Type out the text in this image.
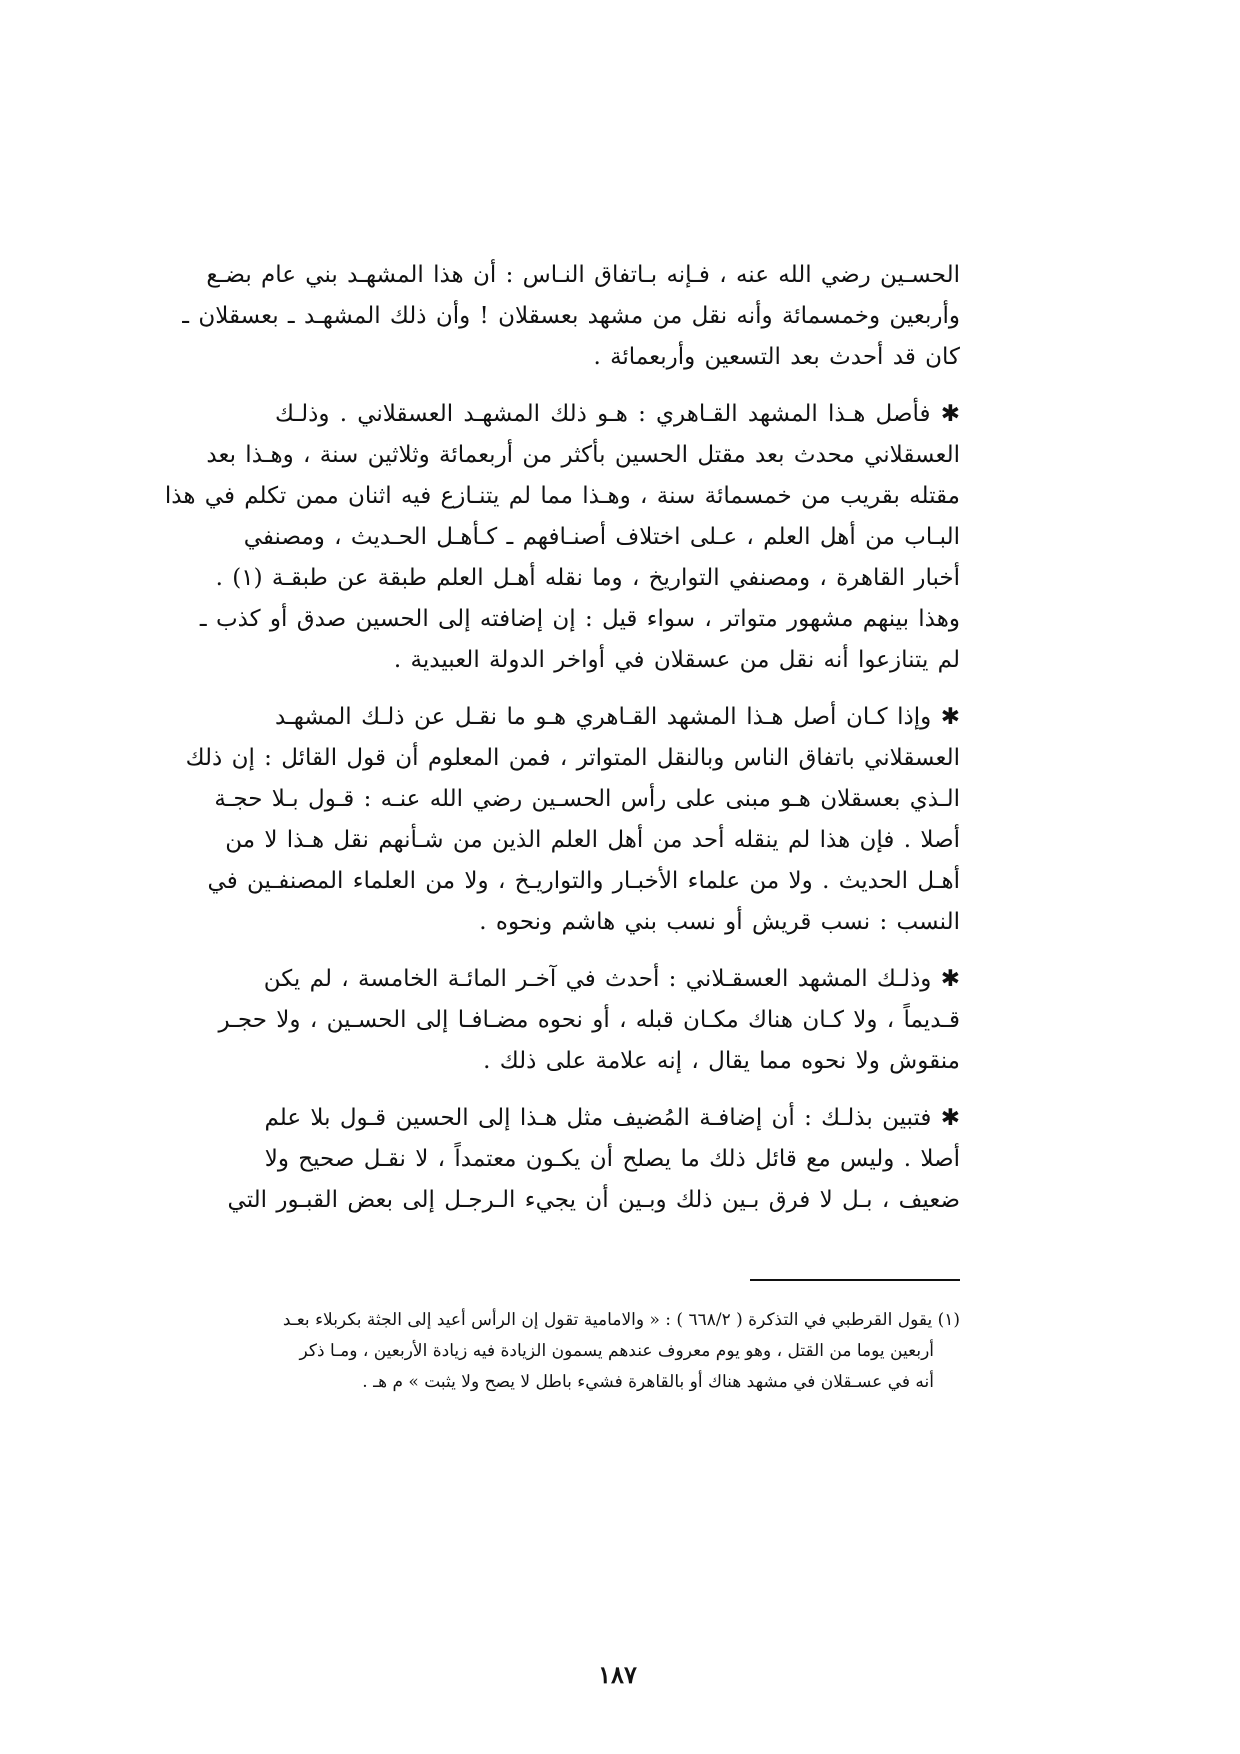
الحسـين رضي الله عنه ، فـإنه بـاتفاق النـاس : أن هذا المشهـد بني عام بضـع
وأربعين وخمسمائة وأنه نقل من مشهد بعسقلان ! وأن ذلك المشهـد ـ بعسقلان ـ
كان قد أحدث بعد التسعين وأربعمائة .
✱ فأصل هـذا المشهد القـاهري : هـو ذلك المشهـد العسقلاني . وذلـك
العسقلاني محدث بعد مقتل الحسين بأكثر من أربعمائة وثلاثين سنة ، وهـذا بعد
مقتله بقريب من خمسمائة سنة ، وهـذا مما لم يتنـازع فيه اثنان ممن تكلم في هذا
البـاب من أهل العلم ، عـلى اختلاف أصنـافهم ـ كـأهـل الحـديث ، ومصنفي
أخبار القاهرة ، ومصنفي التواريخ ، وما نقله أهـل العلم طبقة عن طبقـة (١) .
وهذا بينهم مشهور متواتر ، سواء قيل : إن إضافته إلى الحسين صدق أو كذب ـ
لم يتنازعوا أنه نقل من عسقلان في أواخر الدولة العبيدية .
✱ وإذا كـان أصل هـذا المشهد القـاهري هـو ما نقـل عن ذلـك المشهـد
العسقلاني باتفاق الناس وبالنقل المتواتر ، فمن المعلوم أن قول القائل : إن ذلك
الـذي بعسقلان هـو مبنى على رأس الحسـين رضي الله عنـه : قـول بـلا حجـة
أصلا . فإن هذا لم ينقله أحد من أهل العلم الذين من شـأنهم نقل هـذا لا من
أهـل الحديث . ولا من علماء الأخبـار والتواريـخ ، ولا من العلماء المصنفـين في
النسب : نسب قريش أو نسب بني هاشم ونحوه .
✱ وذلـك المشهد العسقـلاني : أحدث في آخـر المائـة الخامسة ، لم يكن
قـديماً ، ولا كـان هناك مكـان قبله ، أو نحوه مضـافـا إلى الحسـين ، ولا حجـر
منقوش ولا نحوه مما يقال ، إنه علامة على ذلك .
✱ فتبين بذلـك : أن إضافـة المُضيف مثل هـذا إلى الحسين قـول بلا علم
أصلا . وليس مع قائل ذلك ما يصلح أن يكـون معتمداً ، لا نقـل صحيح ولا
ضعيف ، بـل لا فرق بـين ذلك وبـين أن يجيء الـرجـل إلى بعض القبـور التي
(١) يقول القرطبي في التذكرة ( ٦٦٨/٢ ) : « والامامية تقول إن الرأس أعيد إلى الجثة بكربلاء بعـد
أربعين يوما من القتل ، وهو يوم معروف عندهم يسمون الزيادة فيه زيادة الأربعين ، ومـا ذكر
أنه في عسـقلان في مشهد هناك أو بالقاهرة فشيء باطل لا يصح ولا يثبت » م هـ .
١٨٧
